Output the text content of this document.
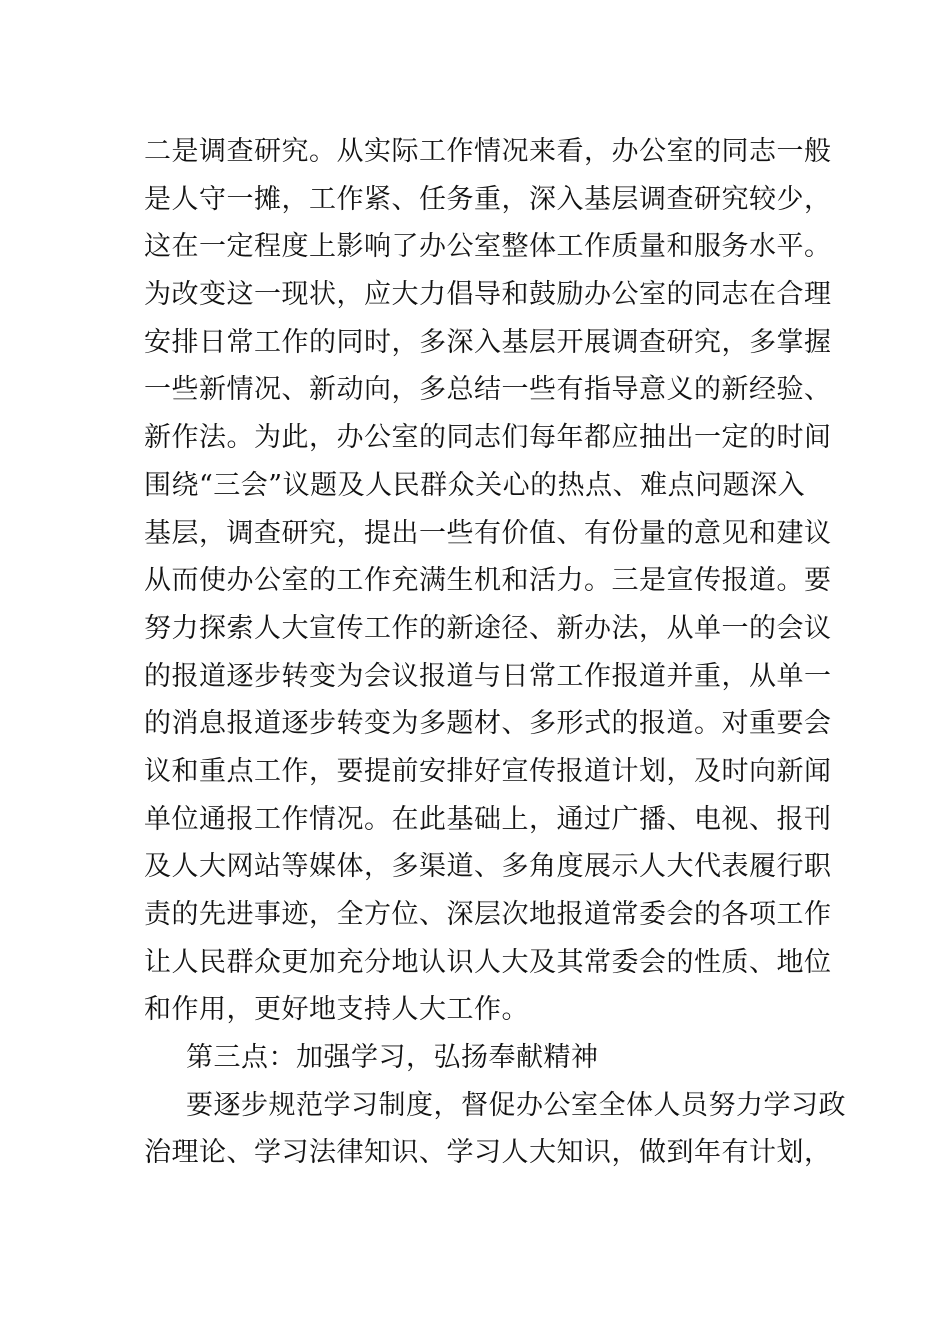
二是调查研究。从实际工作情况来看，办公室的同志一般
是人守一摊，工作紧、任务重，深入基层调查研究较少，
这在一定程度上影响了办公室整体工作质量和服务水平。
为改变这一现状，应大力倡导和鼓励办公室的同志在合理
安排日常工作的同时，多深入基层开展调查研究，多掌握
一些新情况、新动向，多总结一些有指导意义的新经验、
新作法。为此，办公室的同志们每年都应抽出一定的时间
围绕“三会”议题及人民群众关心的热点、难点问题深入
基层，调查研究，提出一些有价值、有份量的意见和建议
从而使办公室的工作充满生机和活力。三是宣传报道。要
努力探索人大宣传工作的新途径、新办法，从单一的会议
的报道逐步转变为会议报道与日常工作报道并重，从单一
的消息报道逐步转变为多题材、多形式的报道。对重要会
议和重点工作，要提前安排好宣传报道计划，及时向新闻
单位通报工作情况。在此基础上，通过广播、电视、报刊
及人大网站等媒体，多渠道、多角度展示人大代表履行职
责的先进事迹，全方位、深层次地报道常委会的各项工作
让人民群众更加充分地认识人大及其常委会的性质、地位
和作用，更好地支持人大工作。
第三点：加强学习，弘扬奉献精神
要逐步规范学习制度，督促办公室全体人员努力学习政
治理论、学习法律知识、学习人大知识，做到年有计划，
